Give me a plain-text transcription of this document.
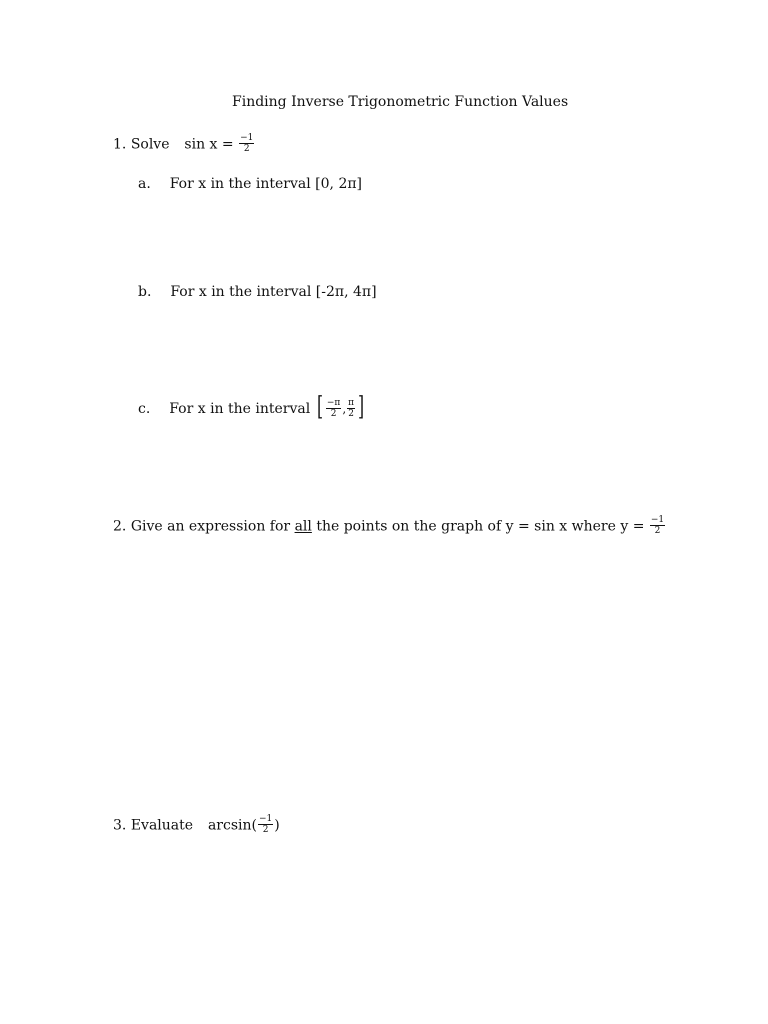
Finding Inverse Trigonometric Function Values
1. Solve $\sin x = \frac{-1}{2}$
a. For x in the interval [0, 2π]
b. For x in the interval [-2π, 4π]
c. For x in the interval [ $\frac{-\pi}{2}$ , $\frac{\pi}{2}$ ]
2. Give an expression for all the points on the graph of y = sin x where $y = \frac{-1}{2}$
3. Evaluate $\arcsin( \frac{-1}{2}$ )
